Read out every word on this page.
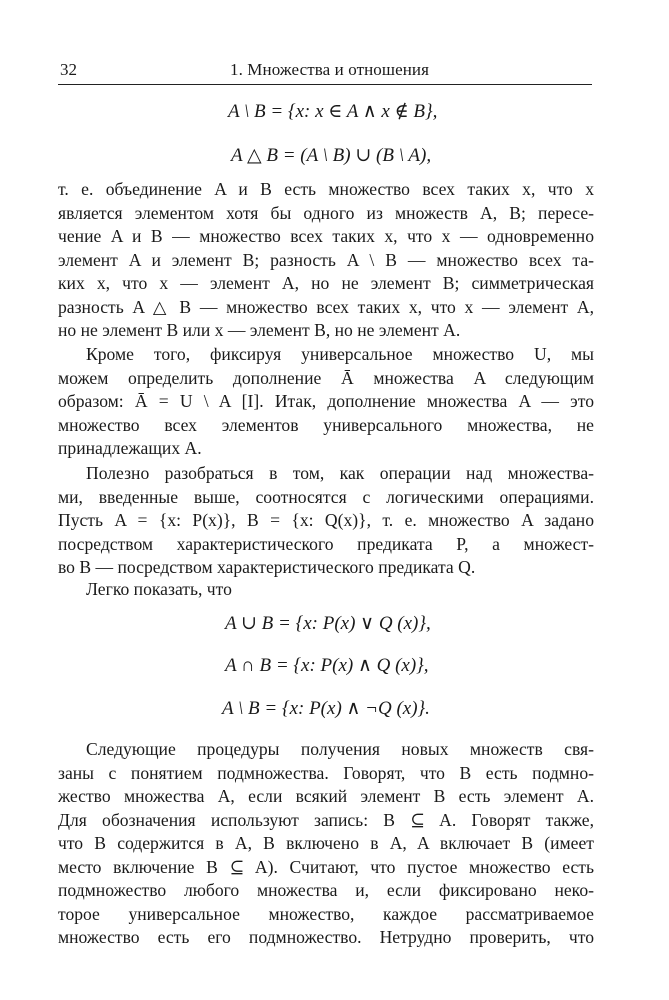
32	1. Множества и отношения
A \ B = {x: x ∈ A ∧ x ∉ B},
A △ B = (A \ B) ∪ (B \ A),
т. е. объединение A и B есть множество всех таких x, что x
является элементом хотя бы одного из множеств A, B; пересе-
чение A и B — множество всех таких x, что x — одновременно
элемент A и элемент B; разность A \ B — множество всех та-
ких x, что x — элемент A, но не элемент B; симметрическая
разность A △ B — множество всех таких x, что x — элемент A,
но не элемент B или x — элемент B, но не элемент A.
Кроме того, фиксируя универсальное множество U, мы
можем определить дополнение Ā множества A следующим
образом: Ā = U \ A [I]. Итак, дополнение множества A — это
множество всех элементов универсального множества, не
принадлежащих A.
Полезно разобраться в том, как операции над множества-
ми, введенные выше, соотносятся с логическими операциями.
Пусть A = {x: P(x)}, B = {x: Q(x)}, т. е. множество A задано
посредством характеристического предиката P, а множест-
во B — посредством характеристического предиката Q.
Легко показать, что
A ∪ B = {x: P(x) ∨ Q (x)},
A ∩ B = {x: P(x) ∧ Q (x)},
A \ B = {x: P(x) ∧ ¬Q (x)}.
Следующие процедуры получения новых множеств свя-
заны с понятием подмножества. Говорят, что B есть подмно-
жество множества A, если всякий элемент B есть элемент A.
Для обозначения используют запись: B ⊆ A. Говорят также,
что B содержится в A, B включено в A, A включает B (имеет
место включение B ⊆ A). Считают, что пустое множество есть
подмножество любого множества и, если фиксировано неко-
торое универсальное множество, каждое рассматриваемое
множество есть его подмножество. Нетрудно проверить, что
